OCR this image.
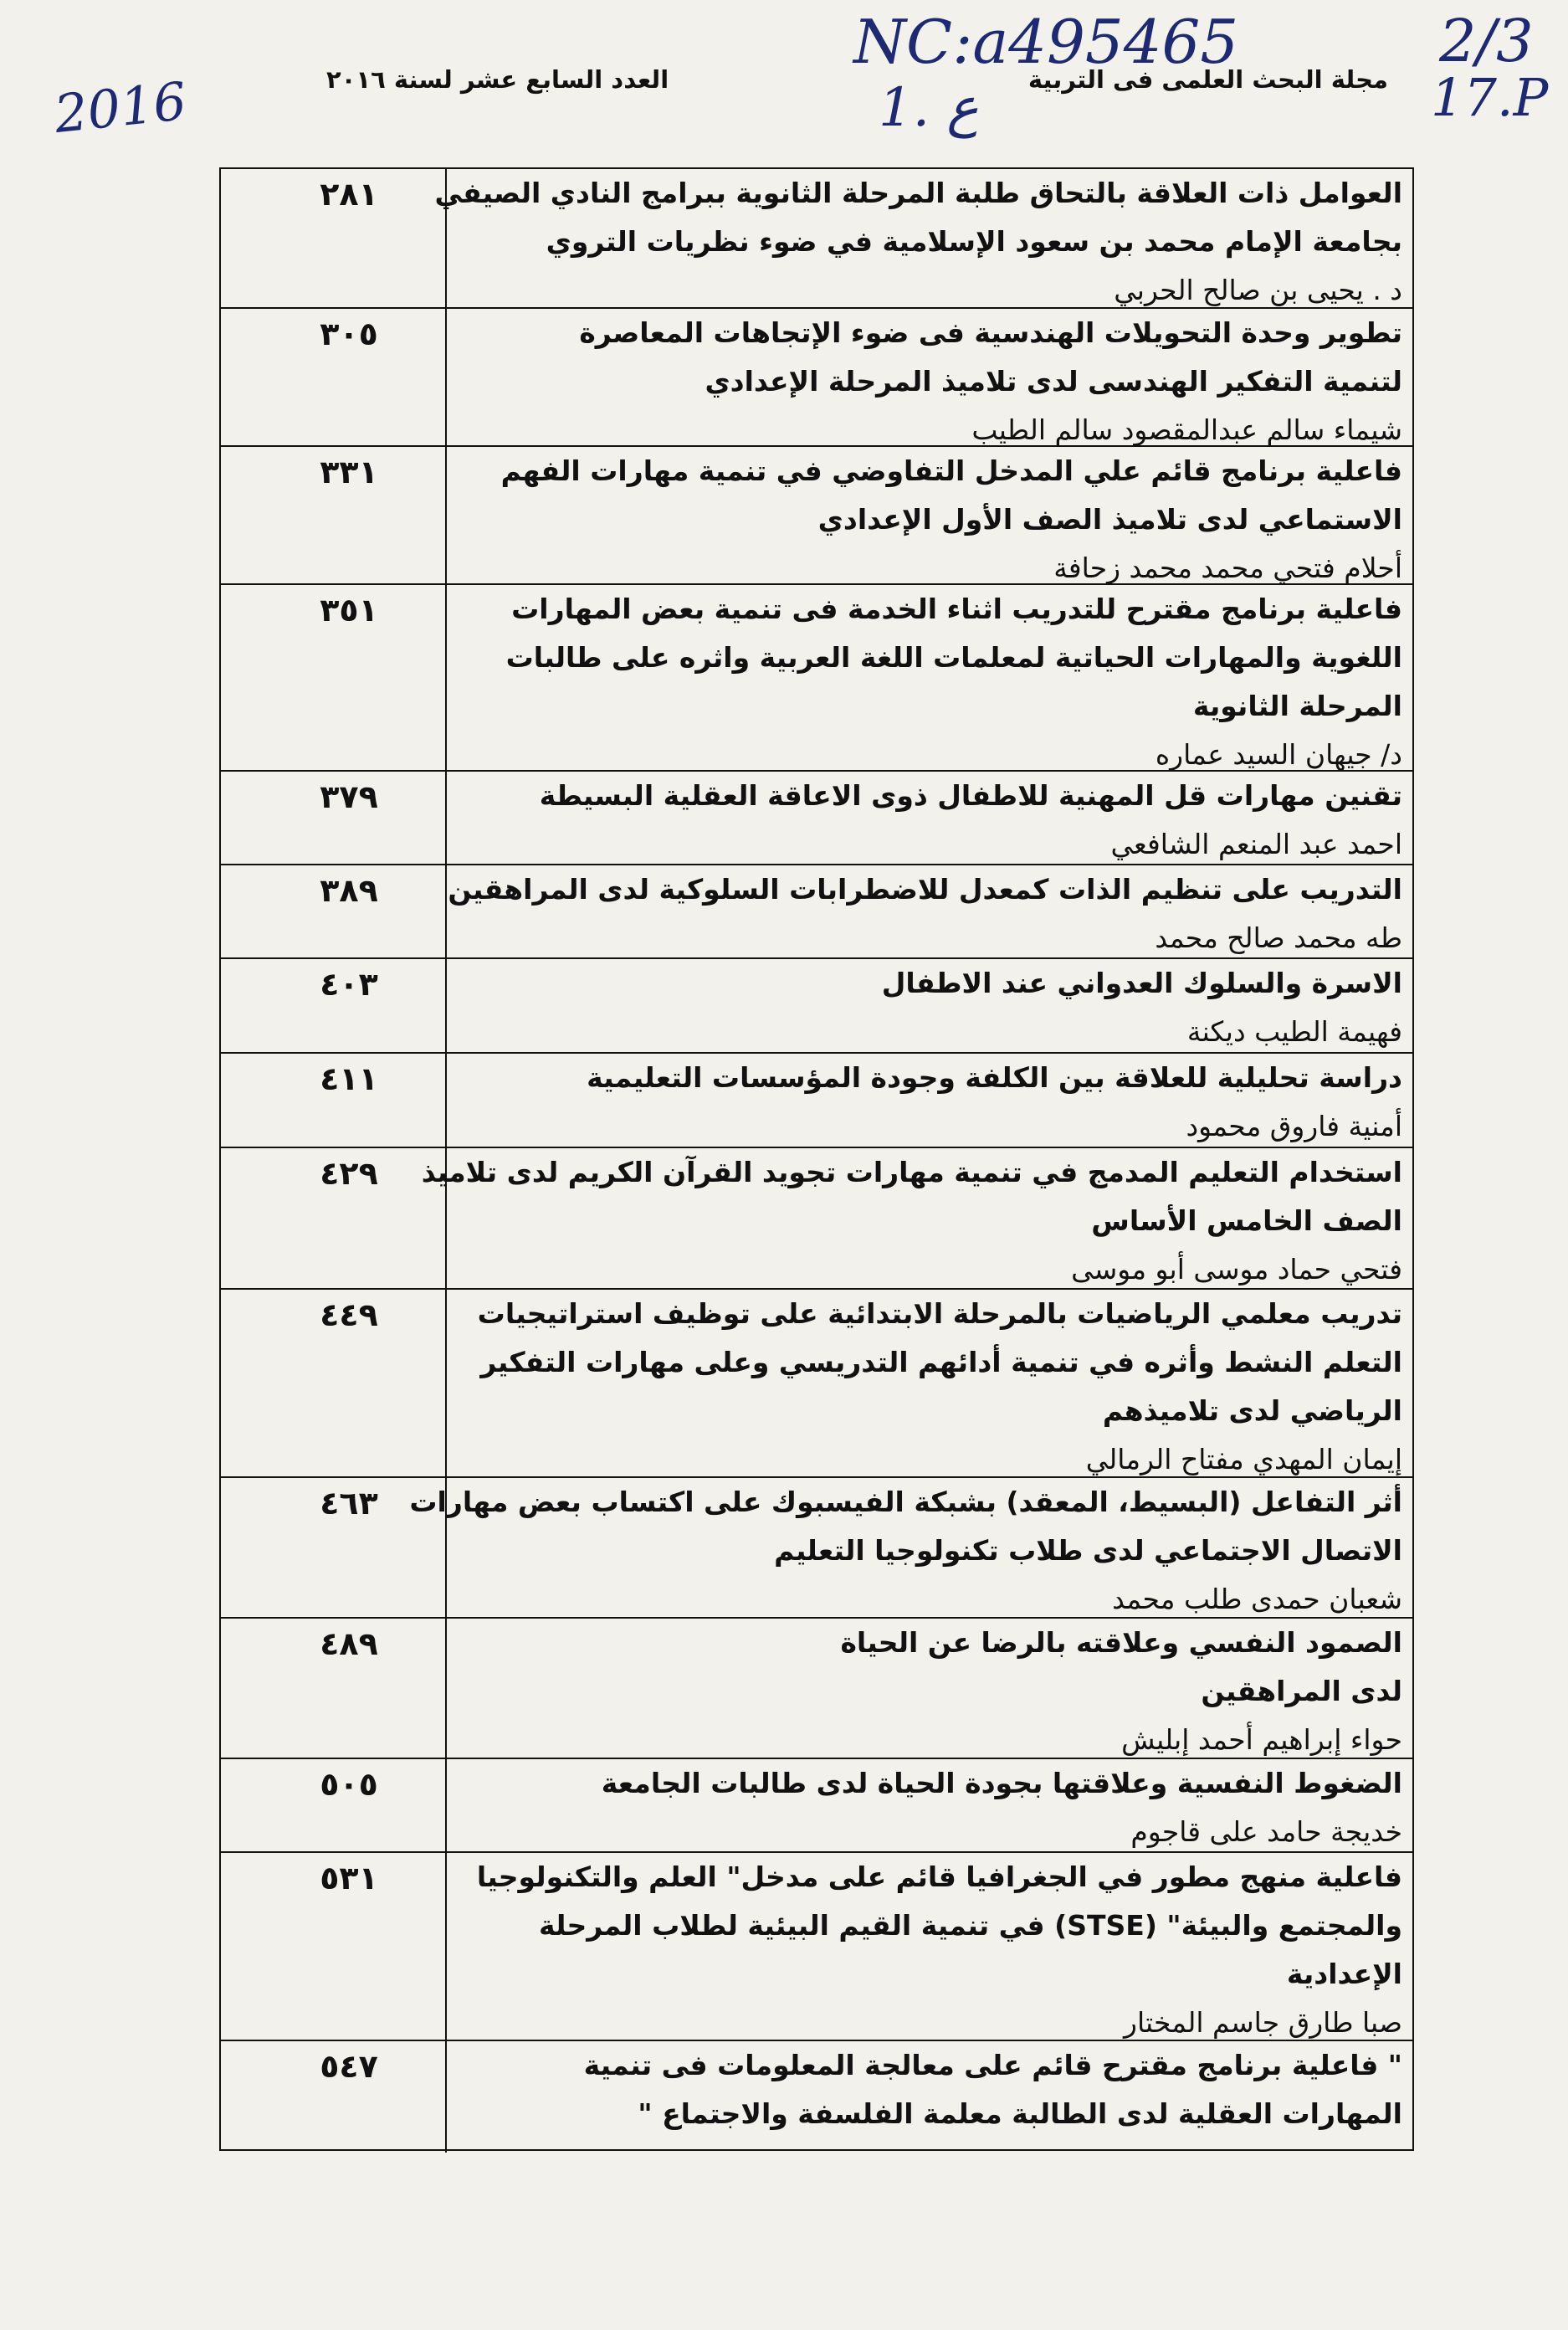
2016
NC:a495465	2/3
17.P
1. ع مجلة البحث العلمى فى التربية
العدد السابع عشر لسنة ٢٠١٦
٢٨١	العوامل ذات العلاقة بالتحاق طلبة المرحلة الثانوية ببرامج النادي الصيفي
بجامعة الإمام محمد بن سعود الإسلامية في ضوء نظريات التروي
د . يحيى بن صالح الحربي
٣٠٥	تطوير وحدة التحويلات الهندسية فى ضوء الإتجاهات المعاصرة
لتنمية التفكير الهندسى لدى تلاميذ المرحلة الإعدادي
شيماء سالم عبدالمقصود سالم الطيب
٣٣١	فاعلية برنامج قائم علي المدخل التفاوضي في تنمية مهارات الفهم
الاستماعي لدى تلاميذ الصف الأول الإعدادي
أحلام فتحي محمد محمد زحافة
٣٥١	فاعلية برنامج مقترح للتدريب اثناء الخدمة فى تنمية بعض المهارات
اللغوية والمهارات الحياتية لمعلمات اللغة العربية واثره على طالبات
المرحلة الثانوية
د/ جيهان السيد عماره
٣٧٩	تقنين مهارات قل المهنية للاطفال ذوى الاعاقة العقلية البسيطة
احمد عبد المنعم الشافعي
٣٨٩	التدريب على تنظيم الذات كمعدل للاضطرابات السلوكية لدى المراهقين
طه محمد صالح محمد
٤٠٣	الاسرة والسلوك العدواني عند الاطفال
فهيمة الطيب ديكنة
٤١١	دراسة تحليلية للعلاقة بين الكلفة وجودة المؤسسات التعليمية
أمنية فاروق محمود
٤٢٩	استخدام التعليم المدمج في تنمية مهارات تجويد القرآن الكريم لدى تلاميذ
الصف الخامس الأساس
فتحي حماد موسى أبو موسى
٤٤٩	تدريب معلمي الرياضيات بالمرحلة الابتدائية على توظيف استراتيجيات
التعلم النشط وأثره في تنمية أدائهم التدريسي وعلى مهارات التفكير
الرياضي لدى تلاميذهم
إيمان المهدي مفتاح الرمالي
٤٦٣	أثر التفاعل (البسيط، المعقد) بشبكة الفيسبوك على اكتساب بعض مهارات
الاتصال الاجتماعي لدى طلاب تكنولوجيا التعليم
شعبان حمدى طلب محمد
٤٨٩	الصمود النفسي وعلاقته بالرضا عن الحياة
لدى المراهقين
حواء إبراهيم أحمد إبليش
٥٠٥	الضغوط النفسية وعلاقتها بجودة الحياة لدى طالبات الجامعة
خديجة حامد على قاجوم
٥٣١	فاعلية منهج مطور في الجغرافيا قائم على مدخل" العلم والتكنولوجيا
والمجتمع والبيئة" (STSE) في تنمية القيم البيئية لطلاب المرحلة
الإعدادية
صبا طارق جاسم المختار
٥٤٧	" فاعلية برنامج مقترح قائم على معالجة المعلومات فى تنمية
المهارات العقلية لدى الطالبة معلمة الفلسفة والاجتماع "
